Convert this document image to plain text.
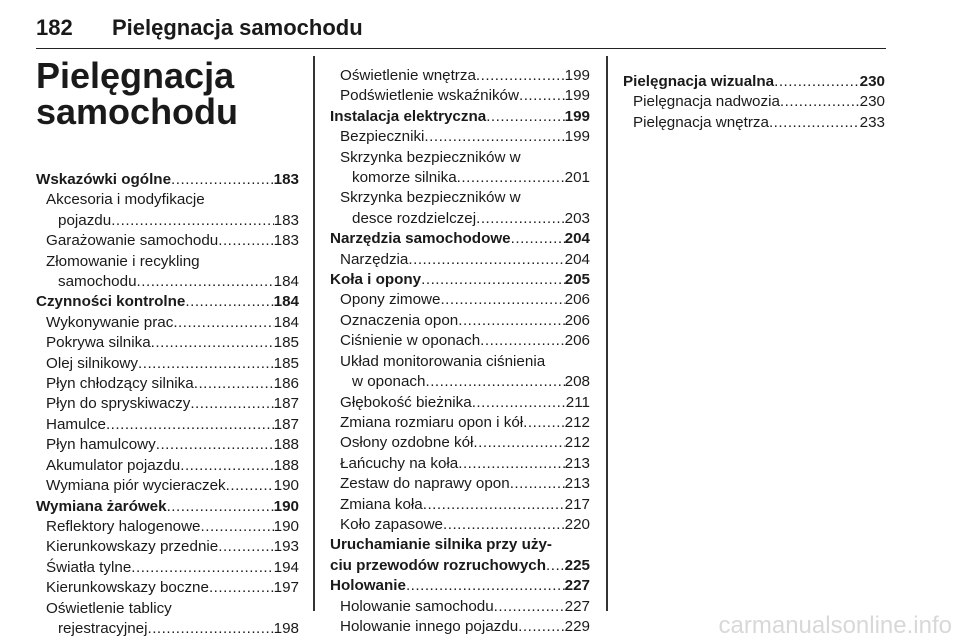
182 Pielęgnacja samochodu
Pielęgnacja
samochodu
Wskazówki ogólne .....	183
Akcesoria i modyfikacje
pojazdu .....	183
Garażowanie samochodu .....	183
Złomowanie i recykling
samochodu .....	184
Czynności kontrolne .....	184
Wykonywanie prac .....	184
Pokrywa silnika .....	185
Olej silnikowy .....	185
Płyn chłodzący silnika .....	186
Płyn do spryskiwaczy .....	187
Hamulce .....	187
Płyn hamulcowy .....	188
Akumulator pojazdu .....	188
Wymiana piór wycieraczek .....	190
Wymiana żarówek .....	190
Reflektory halogenowe .....	190
Kierunkowskazy przednie .....	193
Światła tylne .....	194
Kierunkowskazy boczne .....	197
Oświetlenie tablicy
rejestracyjnej .....	198
Oświetlenie wnętrza .....	199
Podświetlenie wskaźników .....	199
Instalacja elektryczna .....	199
Bezpieczniki .....	199
Skrzynka bezpieczników w
komorze silnika .....	201
Skrzynka bezpieczników w
desce rozdzielczej .....	203
Narzędzia samochodowe .....	204
Narzędzia .....	204
Koła i opony .....	205
Opony zimowe .....	206
Oznaczenia opon .....	206
Ciśnienie w oponach .....	206
Układ monitorowania ciśnienia
w oponach .....	208
Głębokość bieżnika .....	211
Zmiana rozmiaru opon i kół .....	212
Osłony ozdobne kół .....	212
Łańcuchy na koła .....	213
Zestaw do naprawy opon .....	213
Zmiana koła .....	217
Koło zapasowe .....	220
Uruchamianie silnika przy uży-
ciu przewodów rozruchowych ..... 225
Holowanie .....	227
Holowanie samochodu .....	227
Holowanie innego pojazdu .....	229
Pielęgnacja wizualna .....	230
Pielęgnacja nadwozia .....	230
Pielęgnacja wnętrza .....	233
carmanualsonline.info
